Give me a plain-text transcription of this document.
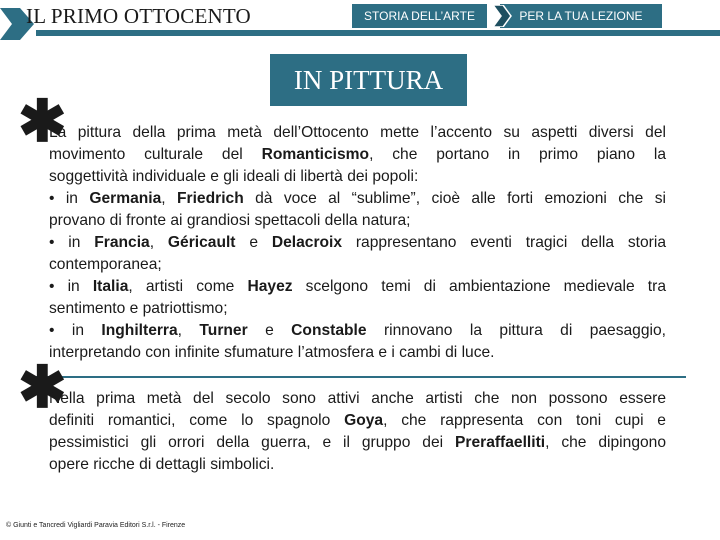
IL PRIMO OTTOCENTO	STORIA DELL’ARTE	PER LA TUA LEZIONE
IN PITTURA
✱
✱
La pittura della prima metà dell’Ottocento mette l’accento su aspetti diversi del
movimento culturale del Romanticismo, che portano in primo piano la
soggettività individuale e gli ideali di libertà dei popoli:
• in Germania, Friedrich dà voce al “sublime”, cioè alle forti emozioni che si
provano di fronte ai grandiosi spettacoli della natura;
• in Francia, Géricault e Delacroix rappresentano eventi tragici della storia
contemporanea;
• in Italia, artisti come Hayez scelgono temi di ambientazione medievale tra
sentimento e patriottismo;
• in Inghilterra, Turner e Constable rinnovano la pittura di paesaggio,
interpretando con infinite sfumature l’atmosfera e i cambi di luce.
Nella prima metà del secolo sono attivi anche artisti che non possono essere
definiti romantici, come lo spagnolo Goya, che rappresenta con toni cupi e
pessimistici gli orrori della guerra, e il gruppo dei Preraffaelliti, che dipingono
opere ricche di dettagli simbolici.
© Giunti e Tancredi Vigliardi Paravia Editori S.r.l. - Firenze
